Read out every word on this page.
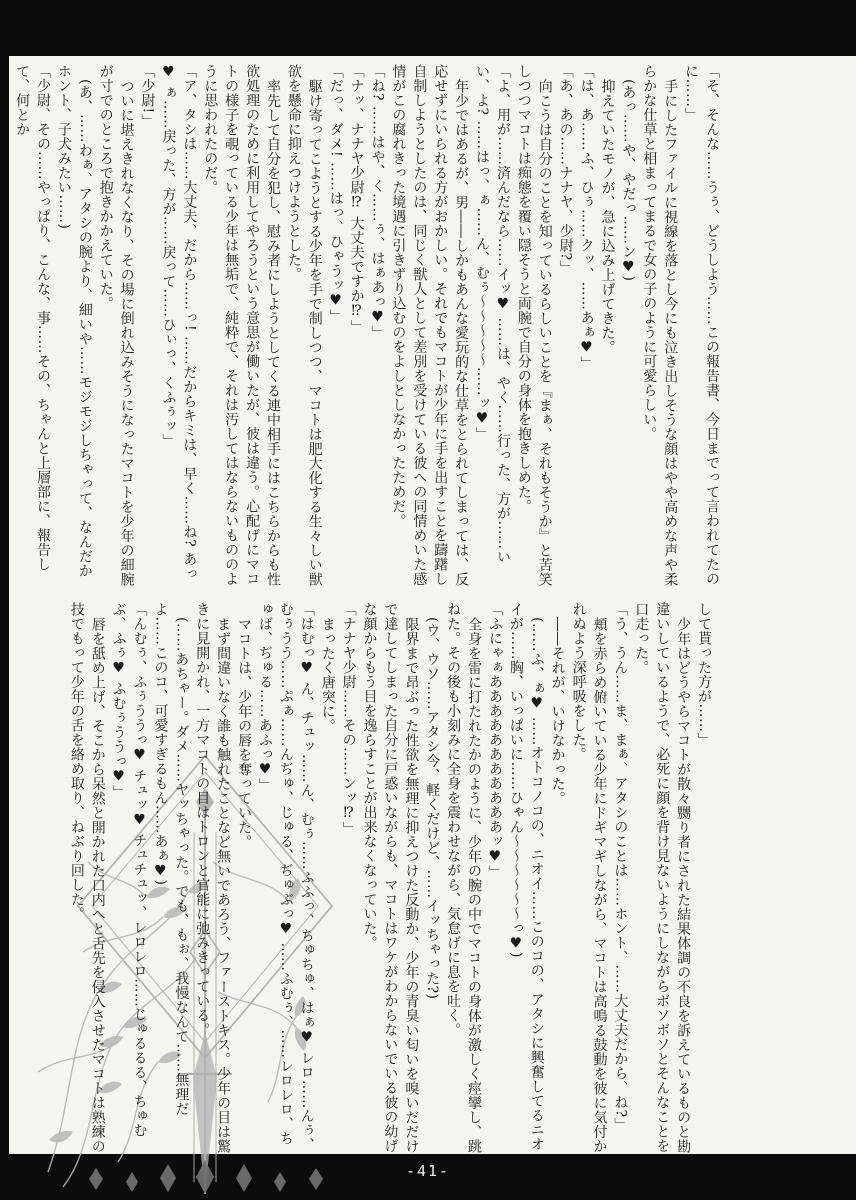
「そ、そんな……うぅ、どうしよう……この報告書、今日までって言われてたのに……」

手にしたファイルに視線を落とし今にも泣き出しそうな顔はやや高めな声や柔らかな仕草と相まってまるで女の子のように可愛らしい。

(あっ……や、やだっ……ン♥)

抑えていたモノが、急に込み上げてきた。

「は、あ……ふ、ひぅ……クッ、……あぁ♥」

「あ、あの……ナナヤ、少尉?」

向こうは自分のことを知っているらしいことを『まぁ、それもそうか』と苦笑しつつマコトは痴態を覆い隠そうと両腕で自分の身体を抱きしめた。

「よ、用が……済んだなら……イッ♥ ……は、やく……行った、方が……いい、よ? ……はっ、ぁ……ん、むぅ〜〜〜〜〜……ッ♥」

年少ではあるが、男――しかもあんな愛玩的な仕草をとられてしまっては、反応せずにいられる方がおかしい。それでもマコトが少年に手を出すことを躊躇し自制しようとしたのは、同じく獣人として差別を受けている彼への同情めいた感情がこの腐れきった境遇に引きずり込むのをよしとしなかったためだ。

「ね? ……はや、く……ぅ、はぁあっ♥」

「ナッ、ナナヤ少尉⁉ 大丈夫ですか⁉」

「だっ、ダメ! ……はっ、ひゃうッ♥」

駆け寄ってこようとする少年を手で制しつつ、マコトは肥大化する生々しい獣欲を懸命に抑えつけようとした。

率先して自分を犯し、慰み者にしようとしてくる連中相手にはこちらからも性欲処理のために利用してやろうという意思が働いたが、彼は違う。心配げにマコトの様子を覗っている少年は無垢で、純粋で、それは汚してはならないもののように思われたのだ。

「ア、タシは……大丈夫、だから……っ! ……だからキミは、早く……ね? あっ♥ ぁ……戻った、方が……戻って……ひぃっ、くふぅッ」

「少尉!」

ついに堪えきれなくなり、その場に倒れ込みそうになったマコトを少年の細腕が寸でのところで抱きかかえていた。

(あ、……わぁ、アタシの腕より、細いや……モジモジしちゃって、なんだかホント、子犬みたい……)

「少尉、その……やっぱり、こんな、事……その、ちゃんと上層部に、報告して、何とか

して貰った方が……」

少年はどうやらマコトが散々嬲り者にされた結果体調の不良を訴えているものと勘違いしているようで、必死に顔を背け見ないようにしながらボソボソとそんなことを口走った。

「う、うん……ま、まぁ、アタシのことは……ホント、……大丈夫だから、ね?」

頬を赤らめ俯いている少年にドギマギしながら、マコトは高鳴る鼓動を彼に気付かれぬよう深呼吸をした。

――それが、いけなかった。

(……ふ、ぁ♥ ……オトコノコの、ニオイ……このコの、アタシに興奮してるニオイが……胸、いっぱいに……ひゃん〜〜〜〜〜〜っ♥)

「ふにゃぁあああああああああああッ♥」

全身を雷に打たれたかのように、少年の腕の中でマコトの身体が激しく痙攣し、跳ねた。その後も小刻みに全身を震わせながら、気怠げに息を吐く。

(ウ、ウソ……アタシ今、軽くだけど、……イッちゃった?)

限界まで昂ぶった性欲を無理に抑えつけた反動か、少年の青臭い匂いを嗅いだだけで達してしまった自分に戸惑いながらも、マコトはワケがわからないでいる彼の幼げな顔からもう目を逸らすことが出来なくなっていた。

「ナナヤ少尉……その……ンッ⁉」

まったく唐突に。

「はむっ♥ ん、チュッ……ん、むぅ……ふふっ、ちゅちゅ、はぁ♥ レロ……んぅ、むぅうう……ぷぁ……んぢゅ、じゅる、ぢゅぶっ♥ ……ふむぅ、……レロレロ、ちゅば、ぢゅる……あふっ♥」

マコトは、少年の唇を奪っていた。

まず間違いなく誰も触れたことなど無いであろう、ファーストキス。少年の目は驚きに見開かれ、一方マコトの目はトロンと官能に弛みきっている。

(……あちゃー。ダメ……ヤッちゃった。でも、もぉ、我慢なんて……無理だよ……このコ、可愛すぎるもん……あぁ♥)

「んむぅ、ふぅううっ♥ チュッ♥ チュチュッ、レロレロ……じゅるるる、ちゅむぶ、ふぅ♥ ふむぅううっ♥」

唇を舐め上げ、そこから呆然と開かれた口内へと舌先を侵入させたマコトは熟練の技でもって少年の舌を絡め取り、ねぶり回した。

-41-
